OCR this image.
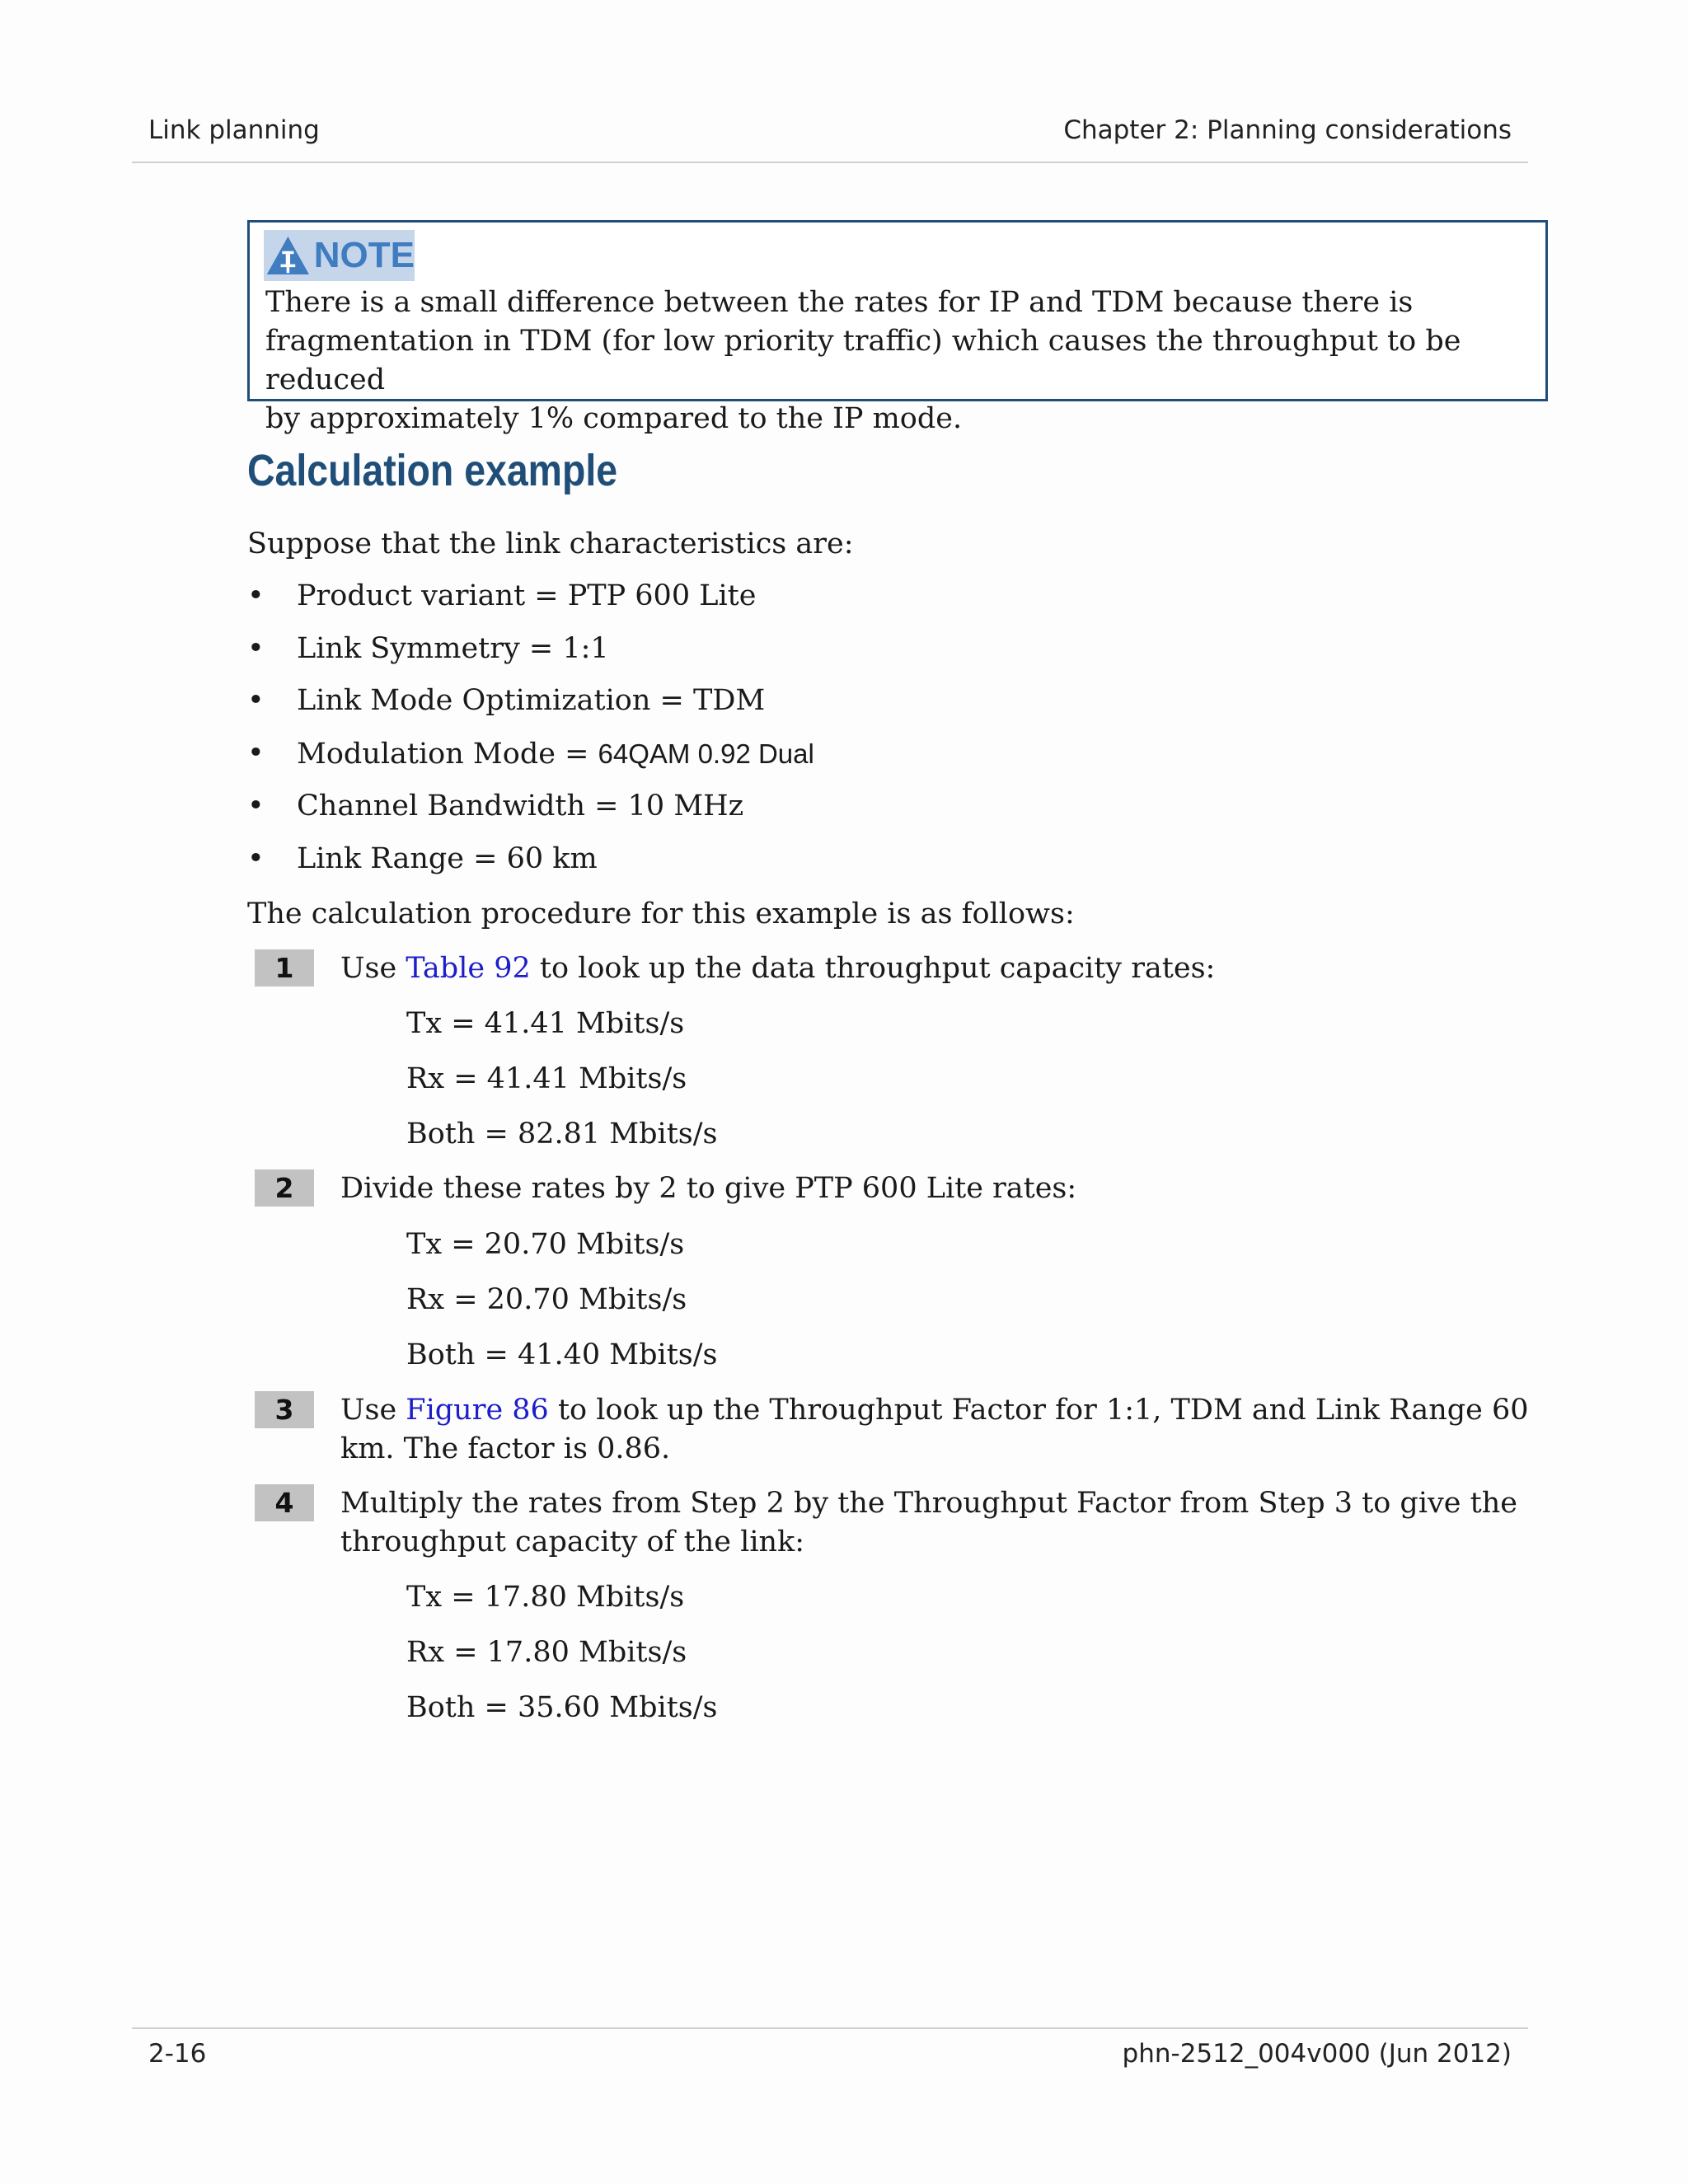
Link planning	Chapter 2: Planning considerations
NOTE
There is a small difference between the rates for IP and TDM because there is
fragmentation in TDM (for low priority traffic) which causes the throughput to be reduced
by approximately 1% compared to the IP mode.
Calculation example
Suppose that the link characteristics are:
• Product variant = PTP 600 Lite
• Link Symmetry = 1:1
• Link Mode Optimization = TDM
• Modulation Mode = 64QAM 0.92 Dual
• Channel Bandwidth = 10 MHz
• Link Range = 60 km
The calculation procedure for this example is as follows:
1	Use Table 92 to look up the data throughput capacity rates:
Tx = 41.41 Mbits/s
Rx = 41.41 Mbits/s
Both = 82.81 Mbits/s
2	Divide these rates by 2 to give PTP 600 Lite rates:
Tx = 20.70 Mbits/s
Rx = 20.70 Mbits/s
Both = 41.40 Mbits/s
3	Use Figure 86 to look up the Throughput Factor for 1:1, TDM and Link Range 60
km. The factor is 0.86.
4	Multiply the rates from Step 2 by the Throughput Factor from Step 3 to give the
throughput capacity of the link:
Tx = 17.80 Mbits/s
Rx = 17.80 Mbits/s
Both = 35.60 Mbits/s
2-16	phn-2512_004v000 (Jun 2012)
